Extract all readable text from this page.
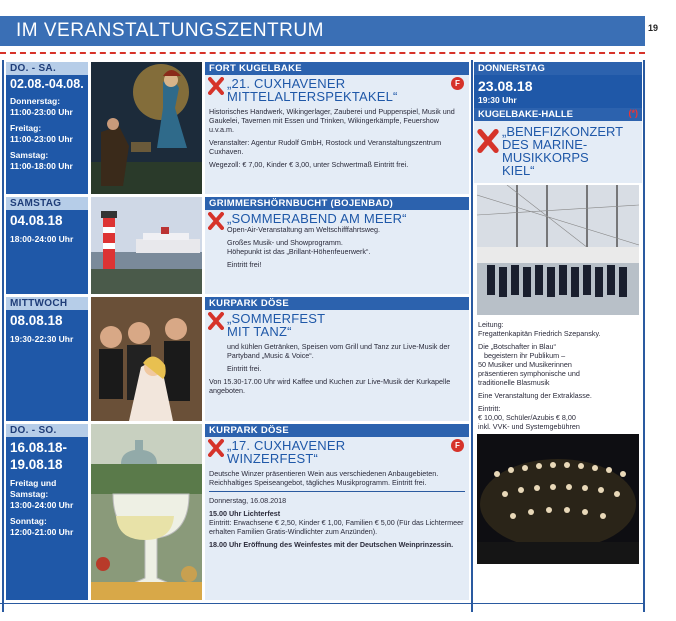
IM VERANSTALTUNGSZENTRUM	19
DO. - SA.
02.08.-04.08.
Donnerstag:
11:00-23:00 Uhr
Freitag:
11:00-23:00 Uhr
Samstag:
11:00-18:00 Uhr
FORT KUGELBAKE
„21. CUXHAVENER
MITTELALTERSPEKTAKEL“
F
Historisches Handwerk, Wikingerlager, Zauberei und Puppenspiel, Musik und Gaukelei, Tavernen mit Essen und Trinken, Wikingerkämpfe, Feuershow u.v.a.m.
Veranstalter: Agentur Rudolf GmbH, Rostock und Veranstaltungszentrum Cuxhaven.
Wegezoll: € 7,00, Kinder € 3,00, unter Schwertmaß Eintritt frei.
SAMSTAG
04.08.18
18:00-24:00 Uhr
GRIMMERSHÖRNBUCHT (BOJENBAD)
„SOMMERABEND AM MEER“
Open-Air-Veranstaltung am Weltschifffahrtsweg.
Großes Musik- und Showprogramm.
Höhepunkt ist das „Brillant-Höhenfeuerwerk“.
Eintritt frei!
MITTWOCH
08.08.18
19:30-22:30 Uhr
KURPARK DÖSE
„SOMMERFEST
MIT TANZ“
und kühlen Getränken, Speisen vom Grill und Tanz zur Live-Musik der Partyband „Music & Voice“.
Eintritt frei.
Von 15.30-17.00 Uhr wird Kaffee und Kuchen zur Live-Musik der Kurkapelle angeboten.
DO. - SO.
16.08.18-
19.08.18
Freitag und
Samstag:
13:00-24:00 Uhr
Sonntag:
12:00-21:00 Uhr
KURPARK DÖSE
„17. CUXHAVENER
WINZERFEST“
F
Deutsche Winzer präsentieren Wein aus verschiedenen Anbaugebieten. Reichhaltiges Speiseangebot, tägliches Musikprogramm. Eintritt frei.
Donnerstag, 16.08.2018
15.00 Uhr Lichterfest
Eintritt: Erwachsene € 2,50, Kinder € 1,00, Familien € 5,00 (Für das Lichtermeer erhalten Familien Gratis-Windlichter zum Anzünden).
18.00 Uhr Eröffnung des Weinfestes mit der Deutschen Weinprinzessin.
DONNERSTAG
23.08.18
19:30 Uhr
KUGELBAKE-HALLE	(*)
„BENEFIZKONZERT
DES MARINE-
MUSIKKORPS
KIEL“
Leitung:
Fregattenkapitän Friedrich Szepansky.
Die „Botschafter in Blau“
begeistern ihr Publikum –
50 Musiker und Musikerinnen
präsentieren symphonische und
traditionelle Blasmusik
Eine Veranstaltung der Extraklasse.
Eintritt:
€ 10,00, Schüler/Azubis € 8,00
inkl. VVK- und Systemgebühren
